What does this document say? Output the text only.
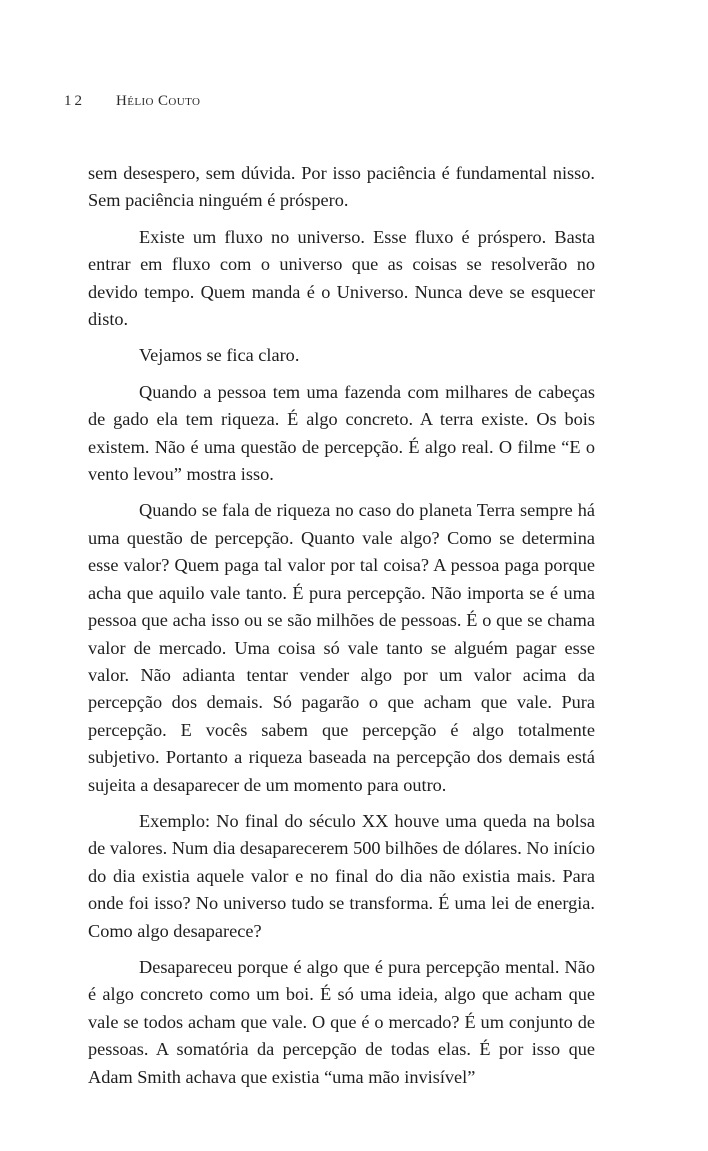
12	Hélio Couto

sem desespero, sem dúvida. Por isso paciência é fundamental nisso. Sem paciência ninguém é próspero.

Existe um fluxo no universo. Esse fluxo é próspero. Basta entrar em fluxo com o universo que as coisas se resolverão no devido tempo. Quem manda é o Universo. Nunca deve se esquecer disto.

Vejamos se fica claro.

Quando a pessoa tem uma fazenda com milhares de cabeças de gado ela tem riqueza. É algo concreto. A terra existe. Os bois existem. Não é uma questão de percepção. É algo real. O filme “E o vento levou” mostra isso.

Quando se fala de riqueza no caso do planeta Terra sempre há uma questão de percepção. Quanto vale algo? Como se determina esse valor? Quem paga tal valor por tal coisa? A pessoa paga porque acha que aquilo vale tanto. É pura percepção. Não importa se é uma pessoa que acha isso ou se são milhões de pessoas. É o que se chama valor de mercado. Uma coisa só vale tanto se alguém pagar esse valor. Não adianta tentar vender algo por um valor acima da percepção dos demais. Só pagarão o que acham que vale. Pura percepção. E vocês sabem que percepção é algo totalmente subjetivo. Portanto a riqueza baseada na percepção dos demais está sujeita a desaparecer de um momento para outro.

Exemplo: No final do século XX houve uma queda na bolsa de valores. Num dia desaparecerem 500 bilhões de dólares. No início do dia existia aquele valor e no final do dia não existia mais. Para onde foi isso? No universo tudo se transforma. É uma lei de energia. Como algo desaparece?

Desapareceu porque é algo que é pura percepção mental. Não é algo concreto como um boi. É só uma ideia, algo que acham que vale se todos acham que vale. O que é o mercado? É um conjunto de pessoas. A somatória da percepção de todas elas. É por isso que Adam Smith achava que existia “uma mão invisível”
